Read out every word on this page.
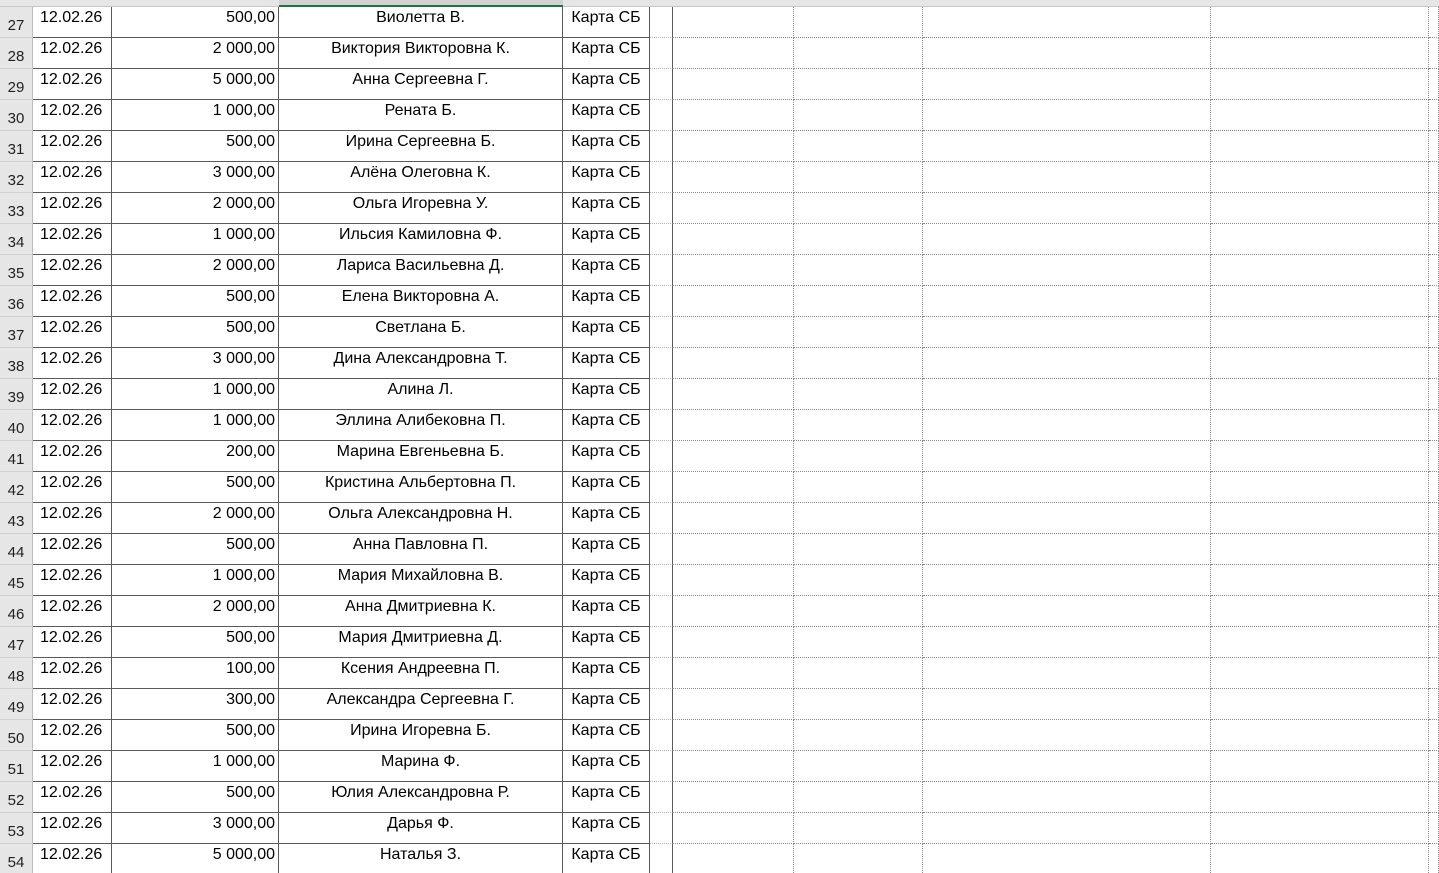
27 12.02.26	500,00	Виолетта В.	Карта СБ
28 12.02.26	2 000,00	Виктория Викторовна К.	Карта СБ
29 12.02.26	5 000,00	Анна Сергеевна Г.	Карта СБ
30 12.02.26	1 000,00	Рената Б.	Карта СБ
31 12.02.26	500,00	Ирина Сергеевна Б.	Карта СБ
32 12.02.26	3 000,00	Алёна Олеговна К.	Карта СБ
33 12.02.26	2 000,00	Ольга Игоревна У.	Карта СБ
34 12.02.26	1 000,00	Ильсия Камиловна Ф.	Карта СБ
35 12.02.26	2 000,00	Лариса Васильевна Д.	Карта СБ
36 12.02.26	500,00	Елена Викторовна А.	Карта СБ
37 12.02.26	500,00	Светлана Б.	Карта СБ
38 12.02.26	3 000,00	Дина Александровна Т.	Карта СБ
39 12.02.26	1 000,00	Алина Л.	Карта СБ
40 12.02.26	1 000,00	Эллина Алибековна П.	Карта СБ
41 12.02.26	200,00	Марина Евгеньевна Б.	Карта СБ
42 12.02.26	500,00	Кристина Альбертовна П.	Карта СБ
43 12.02.26	2 000,00	Ольга Александровна Н.	Карта СБ
44 12.02.26	500,00	Анна Павловна П.	Карта СБ
45 12.02.26	1 000,00	Мария Михайловна В.	Карта СБ
46 12.02.26	2 000,00	Анна Дмитриевна К.	Карта СБ
47 12.02.26	500,00	Мария Дмитриевна Д.	Карта СБ
48 12.02.26	100,00	Ксения Андреевна П.	Карта СБ
49 12.02.26	300,00	Александра Сергеевна Г.	Карта СБ
50 12.02.26	500,00	Ирина Игоревна Б.	Карта СБ
51 12.02.26	1 000,00	Марина Ф.	Карта СБ
52 12.02.26	500,00	Юлия Александровна Р.	Карта СБ
53 12.02.26	3 000,00	Дарья Ф.	Карта СБ
54 12.02.26	5 000,00	Наталья З.	Карта СБ
